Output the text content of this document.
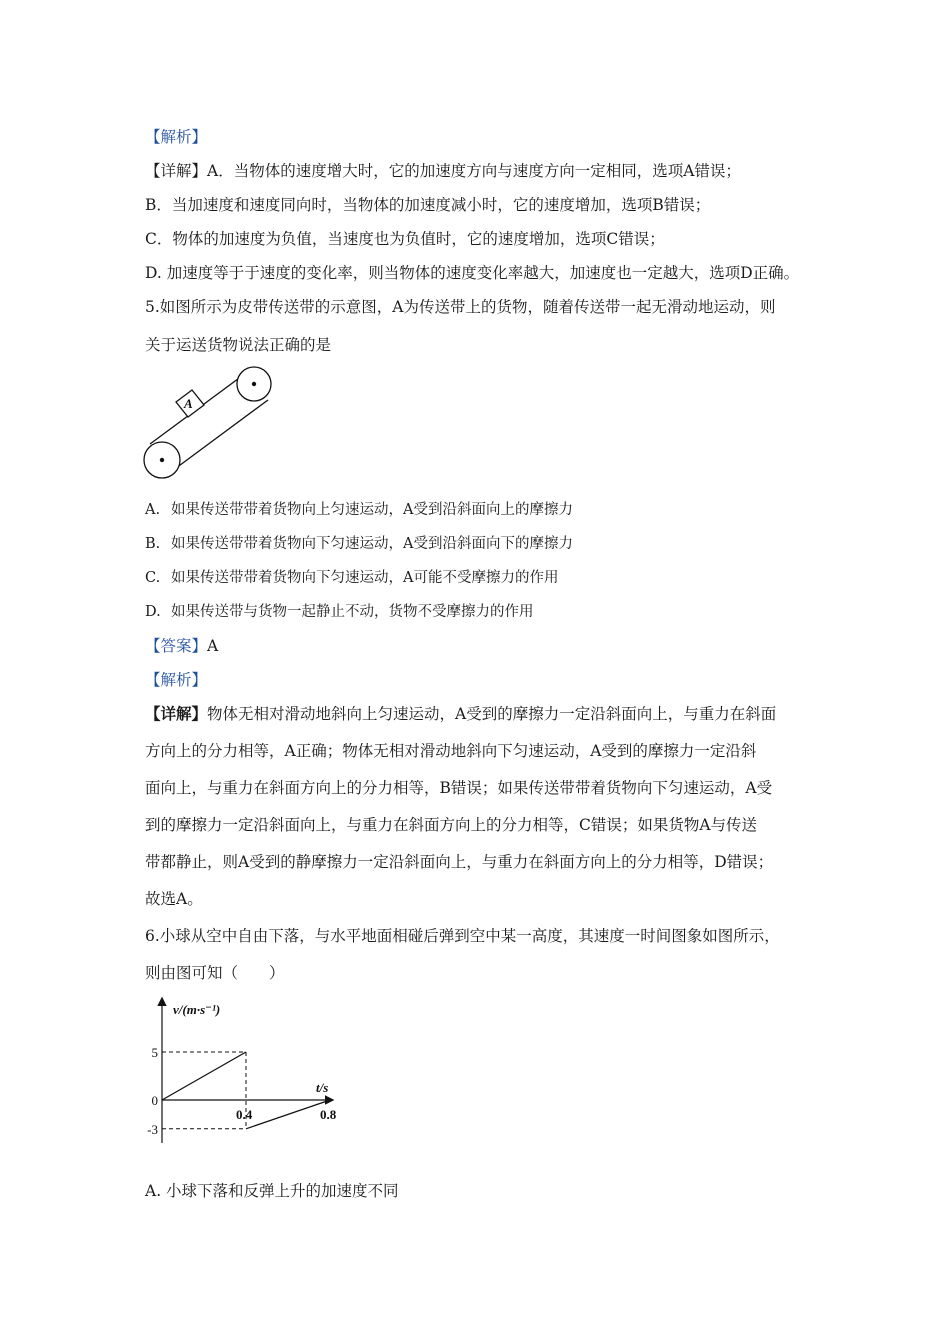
【解析】
【详解】A．当物体的速度增大时，它的加速度方向与速度方向一定相同，选项A错误；
B．当加速度和速度同向时，当物体的加速度减小时，它的速度增加，选项B错误；
C．物体的加速度为负值，当速度也为负值时，它的速度增加，选项C错误；
D. 加速度等于于速度的变化率，则当物体的速度变化率越大，加速度也一定越大，选项D正确。
5.如图所示为皮带传送带的示意图，A为传送带上的货物，随着传送带一起无滑动地运动，则
关于运送货物说法正确的是
A
A. 如果传送带带着货物向上匀速运动，A受到沿斜面向上的摩擦力
B. 如果传送带带着货物向下匀速运动，A受到沿斜面向下的摩擦力
C. 如果传送带带着货物向下匀速运动，A可能不受摩擦力的作用
D. 如果传送带与货物一起静止不动，货物不受摩擦力的作用
【答案】A
【解析】
【详解】物体无相对滑动地斜向上匀速运动，A受到的摩擦力一定沿斜面向上，与重力在斜面
方向上的分力相等，A正确；物体无相对滑动地斜向下匀速运动，A受到的摩擦力一定沿斜
面向上，与重力在斜面方向上的分力相等，B错误；如果传送带带着货物向下匀速运动，A受
到的摩擦力一定沿斜面向上，与重力在斜面方向上的分力相等，C错误；如果货物A与传送
带都静止，则A受到的静摩擦力一定沿斜面向上，与重力在斜面方向上的分力相等，D错误；
故选A。
6.小球从空中自由下落，与水平地面相碰后弹到空中某一高度，其速度一时间图象如图所示，
则由图可知（　　）
v/(m·s⁻¹)
t/s
0.4	0.8
5
0
-3
A. 小球下落和反弹上升的加速度不同
